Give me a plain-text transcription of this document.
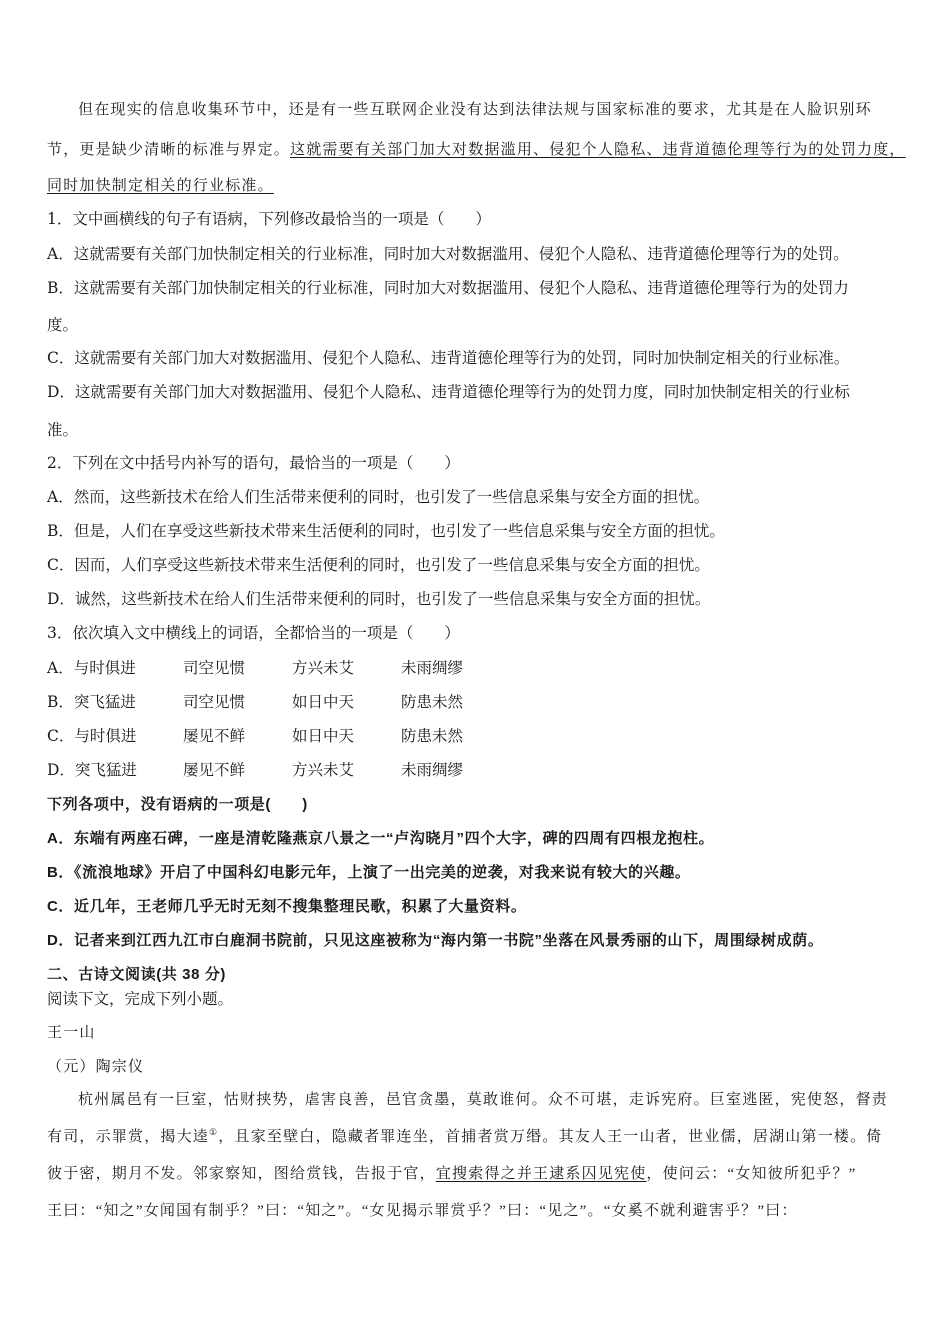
但在现实的信息收集环节中，还是有一些互联网企业没有达到法律法规与国家标准的要求，尤其是在人脸识别环
节，更是缺少清晰的标准与界定。这就需要有关部门加大对数据滥用、侵犯个人隐私、违背道德伦理等行为的处罚力度，
同时加快制定相关的行业标准。
1．文中画横线的句子有语病，下列修改最恰当的一项是（　　）
A．这就需要有关部门加快制定相关的行业标准，同时加大对数据滥用、侵犯个人隐私、违背道德伦理等行为的处罚。
B．这就需要有关部门加快制定相关的行业标准，同时加大对数据滥用、侵犯个人隐私、违背道德伦理等行为的处罚力
度。
C．这就需要有关部门加大对数据滥用、侵犯个人隐私、违背道德伦理等行为的处罚，同时加快制定相关的行业标准。
D．这就需要有关部门加大对数据滥用、侵犯个人隐私、违背道德伦理等行为的处罚力度，同时加快制定相关的行业标
准。
2．下列在文中括号内补写的语句，最恰当的一项是（　　）
A．然而，这些新技术在给人们生活带来便利的同时，也引发了一些信息采集与安全方面的担忧。
B．但是，人们在享受这些新技术带来生活便利的同时，也引发了一些信息采集与安全方面的担忧。
C．因而，人们享受这些新技术带来生活便利的同时，也引发了一些信息采集与安全方面的担忧。
D．诚然，这些新技术在给人们生活带来便利的同时，也引发了一些信息采集与安全方面的担忧。
3．依次填入文中横线上的词语，全都恰当的一项是（　　）
A．与时俱进	司空见惯	方兴未艾	未雨绸缪
B．突飞猛进	司空见惯	如日中天	防患未然
C．与时俱进	屡见不鲜	如日中天	防患未然
D．突飞猛进	屡见不鲜	方兴未艾	未雨绸缪
下列各项中，没有语病的一项是(　　)
A．东端有两座石碑，一座是清乾隆燕京八景之一“卢沟晓月”四个大字，碑的四周有四根龙抱柱。
B．《流浪地球》开启了中国科幻电影元年，上演了一出完美的逆袭，对我来说有较大的兴趣。
C．近几年，王老师几乎无时无刻不搜集整理民歌，积累了大量资料。
D．记者来到江西九江市白鹿洞书院前，只见这座被称为“海内第一书院”坐落在风景秀丽的山下，周围绿树成荫。
二、古诗文阅读(共 38 分)
阅读下文，完成下列小题。
王一山
（元）陶宗仪
杭州属邑有一巨室，怙财挟势，虐害良善，邑官贪墨，莫敢谁何。众不可堪，走诉宪府。巨室逃匿，宪使怒，督责
有司，示罪赏，揭大逵①，且家至壁白，隐藏者罪连坐，首捕者赏万缗。其友人王一山者，世业儒，居湖山第一楼。倚
彼于密，期月不发。邻家察知，图给赏钱，告报于官，宜搜索得之并王逮系囚见宪使，使问云：“女知彼所犯乎？”
王曰：“知之”女闻国有制乎？”曰：“知之”。“女见揭示罪赏乎？”曰：“见之”。“女奚不就利避害乎？”曰：
